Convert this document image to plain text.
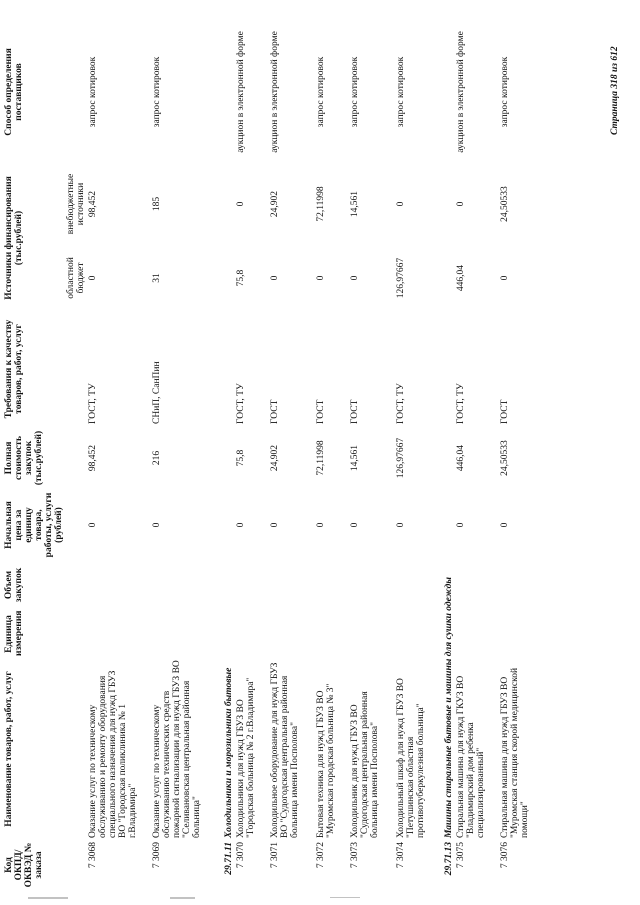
Код ОКПД/ ОКВЭД № заказа	Наименование товаров, работ, услуг	Единица измерения	Объем закупок	Начальная цена за единицу товара, работы, услуги (рублей)	Полная стоимость закупок (тыс.рублей)	Требования к качеству товаров, работ, услуг	Источники финансирования (тыс.рублей)		Способ определения поставщиков
							областной бюджет	внебюджетные источники	
7 3068	Оказание услуг по техническому обслуживанию и ремонту оборудования специального назначения для нужд ГБУЗ ВО "Городская поликлиника № 1 г.Владимира"			0	98,452	ГОСТ, ТУ	0	98,452	запрос котировок
7 3069	Оказание услуг по техническому обслуживанию технических средств пожарной сигнализации для нужд ГБУЗ ВО "Селивановская центральная районная больница"			0	216	СНиП, СанПин	31	185	запрос котировок
29.71.11	Холодильники и морозильники бытовые								
7 3070	Холодильники для нужд ГБУЗ ВО "Городская больница № 2 г.Владимира"			0	75,8	ГОСТ, ТУ	75,8	0	аукцион в электронной форме
7 3071	Холодильное оборудование для нужд ГБУЗ ВО "Судогодская центральная районная больница имени Посполова"			0	24,902	ГОСТ	0	24,902	аукцион в электронной форме
7 3072	Бытовая техника для нужд ГБУЗ ВО "Муромская городская больница № 3"			0	72,11998	ГОСТ	0	72,11998	запрос котировок
7 3073	Холодильник для нужд ГБУЗ ВО "Судогодская центральная районная больница имени Посполова"			0	14,561	ГОСТ	0	14,561	запрос котировок
7 3074	Холодильный шкаф для нужд ГБУЗ ВО "Петушинская областная противотуберкулезная больница"			0	126,97667	ГОСТ, ТУ	126,97667	0	запрос котировок
29.71.13	Машины стиральные бытовые и машины для сушки одежды								
7 3075	Стиральная машина для нужд ГКУЗ ВО "Владимирский дом ребенка специализированный"			0	446,04	ГОСТ, ТУ	446,04	0	аукцион в электронной форме
7 3076	Стиральная машина для нужд ГБУЗ ВО "Муромская станция скорой медицинской помощи"			0	24,50533	ГОСТ	0	24,50533	запрос котировок	Страница 318 из 612
